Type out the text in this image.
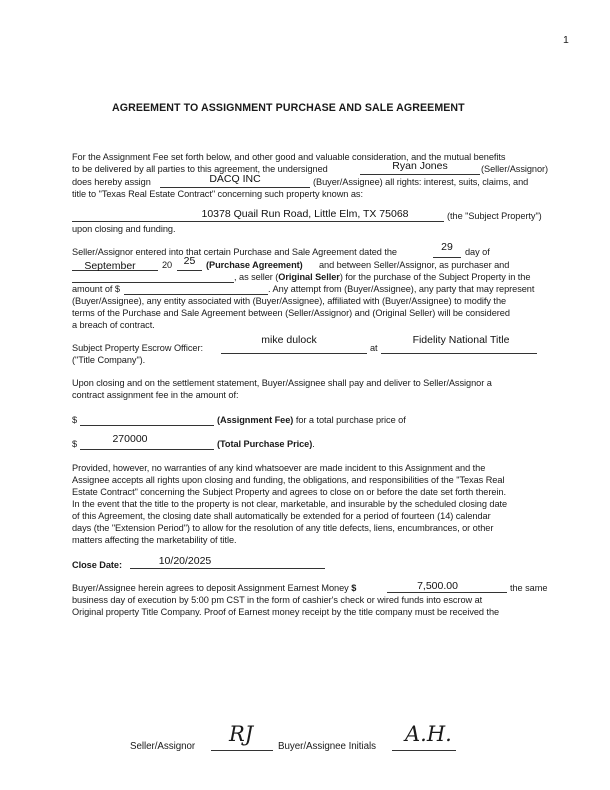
1
AGREEMENT TO ASSIGNMENT PURCHASE AND SALE AGREEMENT
For the Assignment Fee set forth below, and other good and valuable consideration, and the mutual benefits
to be delivered by all parties to this agreement, the undersigned	Ryan Jones	(Seller/Assignor)
does hereby assign	DACQ INC	(Buyer/Assignee) all rights: interest, suits, claims, and
title to "Texas Real Estate Contract" concerning such property known as:
10378 Quail Run Road, Little Elm, TX 75068	(the "Subject Property")
upon closing and funding.
Seller/Assignor entered into that certain Purchase and Sale Agreement dated the	29	day of
September	20	25	(Purchase Agreement) and between Seller/Assignor, as purchaser and
, as seller (Original Seller) for the purchase of the Subject Property in the
amount of $	. Any attempt from (Buyer/Assignee), any party that may represent
(Buyer/Assignee), any entity associated with (Buyer/Assignee), affiliated with (Buyer/Assignee) to modify the
terms of the Purchase and Sale Agreement between (Seller/Assignor) and (Original Seller) will be considered
a breach of contract.
Subject Property Escrow Officer:
mike dulock
at
Fidelity National Title
("Title Company").
Upon closing and on the settlement statement, Buyer/Assignee shall pay and deliver to Seller/Assignor a
contract assignment fee in the amount of:
$	(Assignment Fee) for a total purchase price of
$	270000	(Total Purchase Price).
Provided, however, no warranties of any kind whatsoever are made incident to this Assignment and the
Assignee accepts all rights upon closing and funding, the obligations, and responsibilities of the "Texas Real
Estate Contract" concerning the Subject Property and agrees to close on or before the date set forth therein.
In the event that the title to the property is not clear, marketable, and insurable by the scheduled closing date
of this Agreement, the closing date shall automatically be extended for a period of fourteen (14) calendar
days (the "Extension Period") to allow for the resolution of any title defects, liens, encumbrances, or other
matters affecting the marketability of title.
Close Date:	10/20/2025
Buyer/Assignee herein agrees to deposit Assignment Earnest Money $	7,500.00	the same
business day of execution by 5:00 pm CST in the form of cashier's check or wired funds into escrow at
Original property Title Company. Proof of Earnest money receipt by the title company must be received the
Seller/Assignor
RJ
Buyer/Assignee Initials
A.H.
